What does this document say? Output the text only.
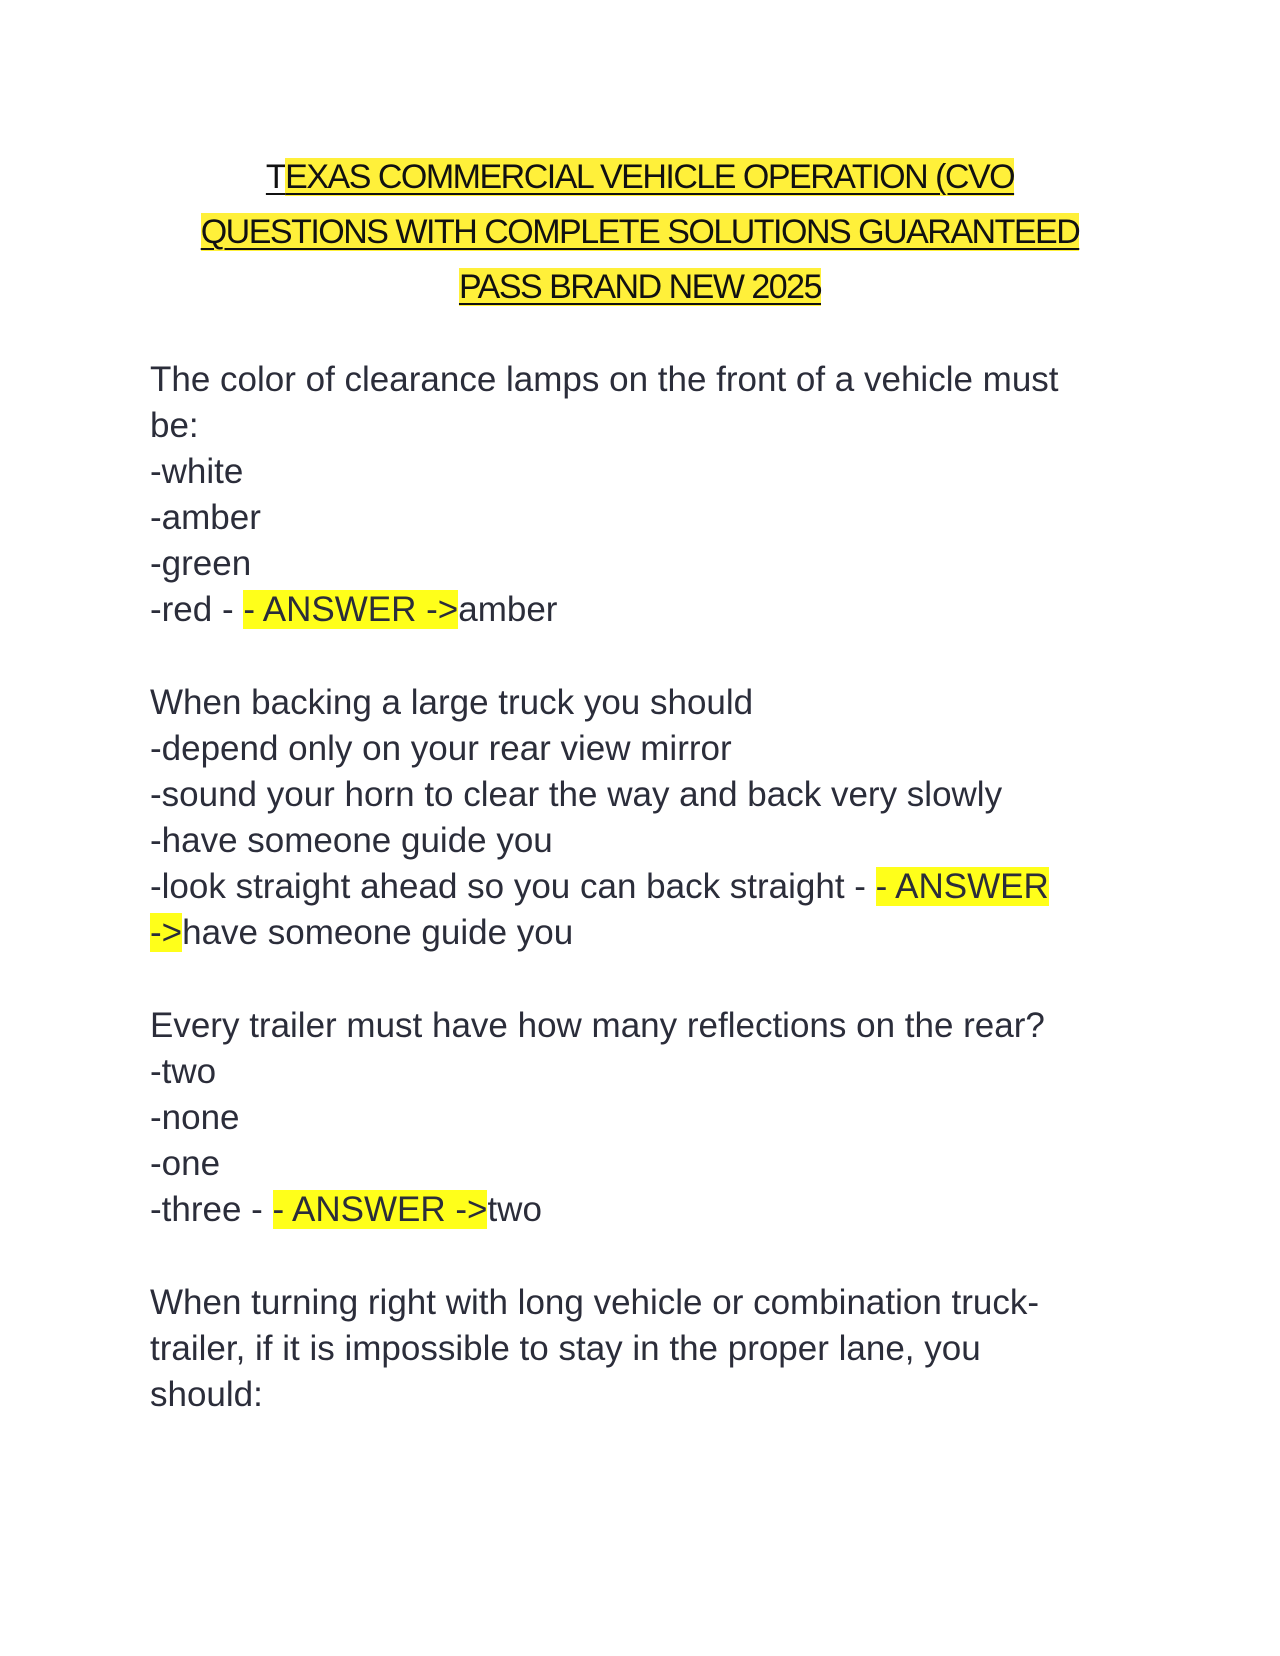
TEXAS COMMERCIAL VEHICLE OPERATION (CVO
QUESTIONS WITH COMPLETE SOLUTIONS GUARANTEED
PASS BRAND NEW 2025
The color of clearance lamps on the front of a vehicle must
be:
-white
-amber
-green
-red - - ANSWER ->amber
When backing a large truck you should
-depend only on your rear view mirror
-sound your horn to clear the way and back very slowly
-have someone guide you
-look straight ahead so you can back straight - - ANSWER
->have someone guide you
Every trailer must have how many reflections on the rear?
-two
-none
-one
-three - - ANSWER ->two
When turning right with long vehicle or combination truck-
trailer, if it is impossible to stay in the proper lane, you
should:
